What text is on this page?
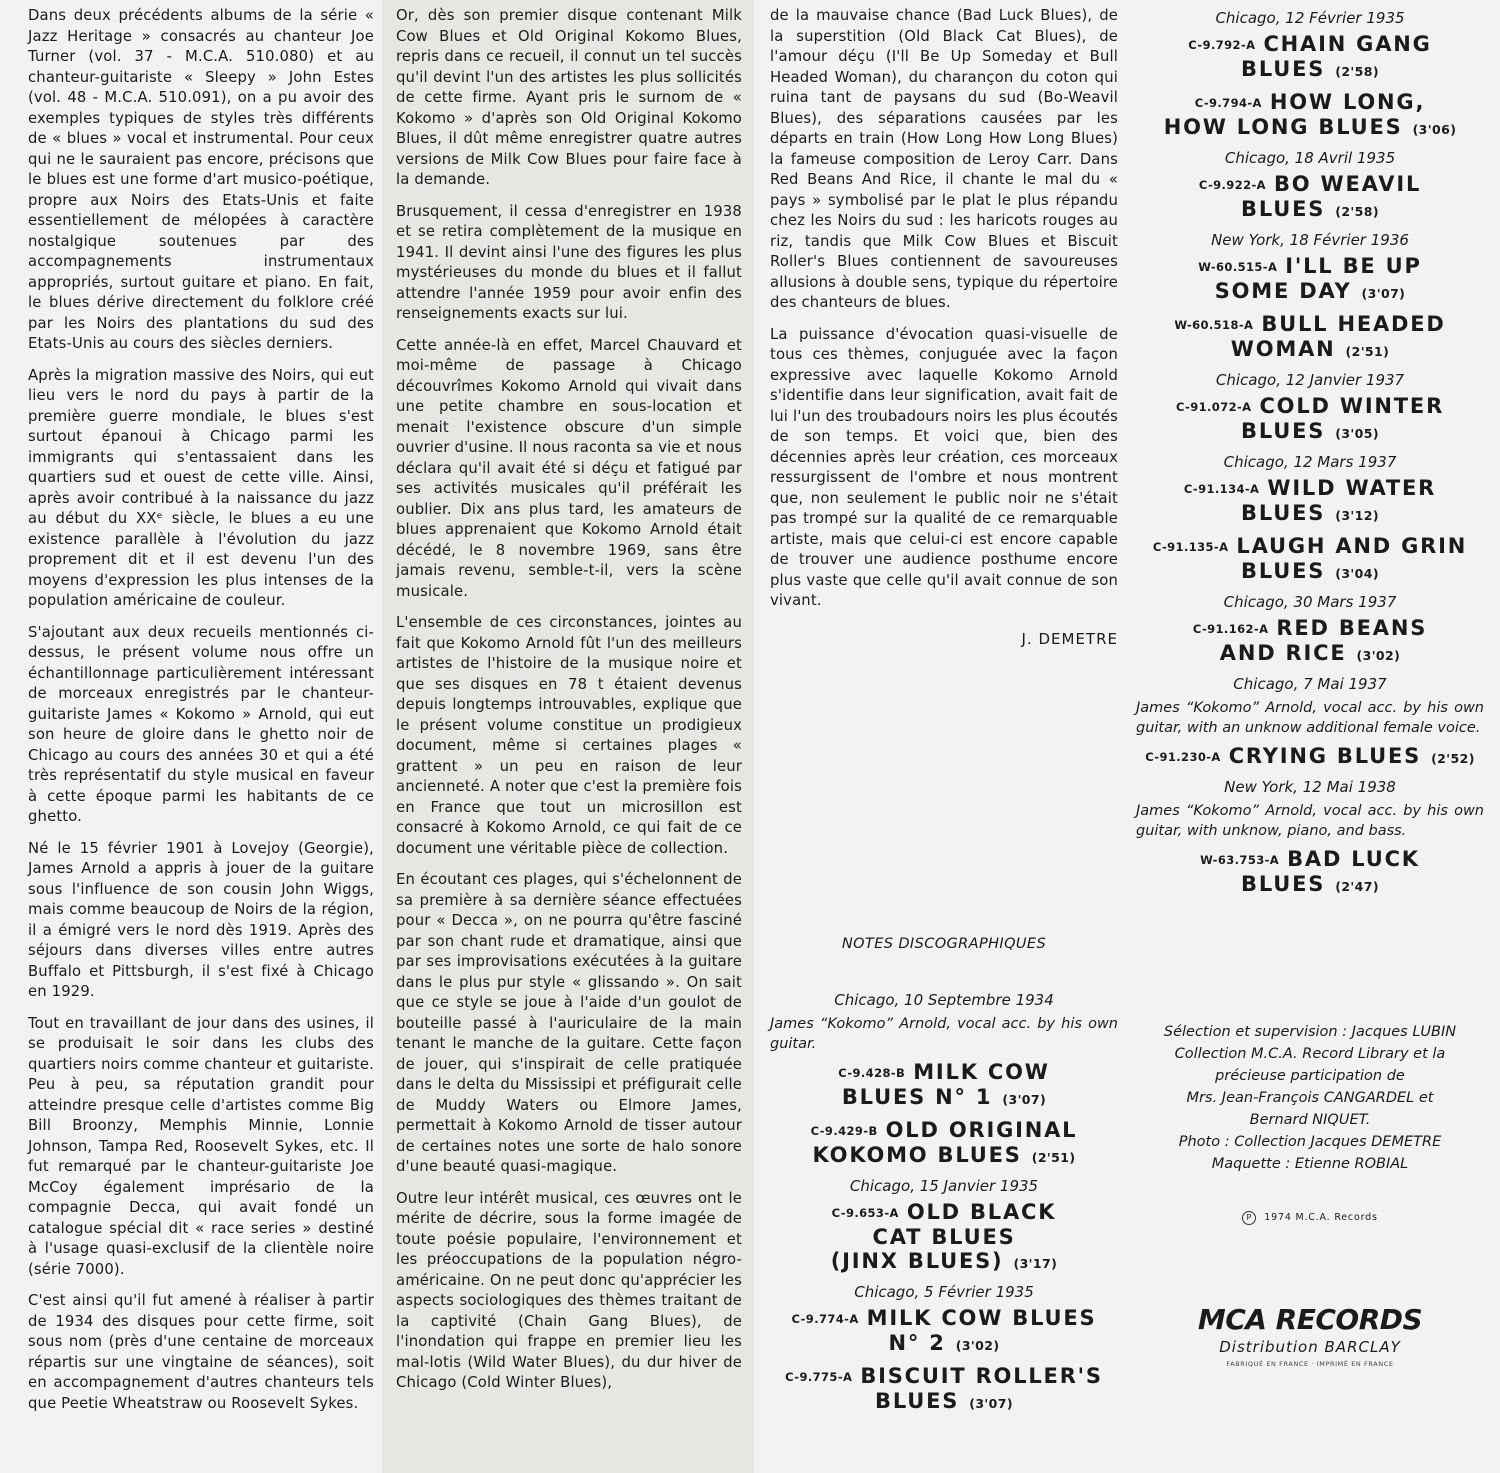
Dans deux précédents albums de la série « Jazz Heritage » consacrés au chanteur Joe Turner (vol. 37 - M.C.A. 510.080) et au chanteur-guitariste « Sleepy » John Estes (vol. 48 - M.C.A. 510.091), on a pu avoir des exemples typiques de styles très différents de « blues » vocal et instrumental. Pour ceux qui ne le sauraient pas encore, précisons que le blues est une forme d'art musico-poétique, propre aux Noirs des Etats-Unis et faite essentiellement de mélopées à caractère nostalgique soutenues par des accompagnements instrumentaux appropriés, surtout guitare et piano. En fait, le blues dérive directement du folklore créé par les Noirs des plantations du sud des Etats-Unis au cours des siècles derniers.

Après la migration massive des Noirs, qui eut lieu vers le nord du pays à partir de la première guerre mondiale, le blues s'est surtout épanoui à Chicago parmi les immigrants qui s'entassaient dans les quartiers sud et ouest de cette ville. Ainsi, après avoir contribué à la naissance du jazz au début du XXᵉ siècle, le blues a eu une existence parallèle à l'évolution du jazz proprement dit et il est devenu l'un des moyens d'expression les plus intenses de la population américaine de couleur.

S'ajoutant aux deux recueils mentionnés ci-dessus, le présent volume nous offre un échantillonnage particulièrement intéressant de morceaux enregistrés par le chanteur-guitariste James « Kokomo » Arnold, qui eut son heure de gloire dans le ghetto noir de Chicago au cours des années 30 et qui a été très représentatif du style musical en faveur à cette époque parmi les habitants de ce ghetto.

Né le 15 février 1901 à Lovejoy (Georgie), James Arnold a appris à jouer de la guitare sous l'influence de son cousin John Wiggs, mais comme beaucoup de Noirs de la région, il a émigré vers le nord dès 1919. Après des séjours dans diverses villes entre autres Buffalo et Pittsburgh, il s'est fixé à Chicago en 1929.

Tout en travaillant de jour dans des usines, il se produisait le soir dans les clubs des quartiers noirs comme chanteur et guitariste. Peu à peu, sa réputation grandit pour atteindre presque celle d'artistes comme Big Bill Broonzy, Memphis Minnie, Lonnie Johnson, Tampa Red, Roosevelt Sykes, etc. Il fut remarqué par le chanteur-guitariste Joe McCoy également imprésario de la compagnie Decca, qui avait fondé un catalogue spécial dit « race series » destiné à l'usage quasi-exclusif de la clientèle noire (série 7000).

C'est ainsi qu'il fut amené à réaliser à partir de 1934 des disques pour cette firme, soit sous nom (près d'une centaine de morceaux répartis sur une vingtaine de séances), soit en accompagnement d'autres chanteurs tels que Peetie Wheatstraw ou Roosevelt Sykes.

Or, dès son premier disque contenant Milk Cow Blues et Old Original Kokomo Blues, repris dans ce recueil, il connut un tel succès qu'il devint l'un des artistes les plus sollicités de cette firme. Ayant pris le surnom de « Kokomo » d'après son Old Original Kokomo Blues, il dût même enregistrer quatre autres versions de Milk Cow Blues pour faire face à la demande.

Brusquement, il cessa d'enregistrer en 1938 et se retira complètement de la musique en 1941. Il devint ainsi l'une des figures les plus mystérieuses du monde du blues et il fallut attendre l'année 1959 pour avoir enfin des renseignements exacts sur lui.

Cette année-là en effet, Marcel Chauvard et moi-même de passage à Chicago découvrîmes Kokomo Arnold qui vivait dans une petite chambre en sous-location et menait l'existence obscure d'un simple ouvrier d'usine. Il nous raconta sa vie et nous déclara qu'il avait été si déçu et fatigué par ses activités musicales qu'il préférait les oublier. Dix ans plus tard, les amateurs de blues apprenaient que Kokomo Arnold était décédé, le 8 novembre 1969, sans être jamais revenu, semble-t-il, vers la scène musicale.

L'ensemble de ces circonstances, jointes au fait que Kokomo Arnold fût l'un des meilleurs artistes de l'histoire de la musique noire et que ses disques en 78 t étaient devenus depuis longtemps introuvables, explique que le présent volume constitue un prodigieux document, même si certaines plages « grattent » un peu en raison de leur ancienneté. A noter que c'est la première fois en France que tout un microsillon est consacré à Kokomo Arnold, ce qui fait de ce document une véritable pièce de collection.

En écoutant ces plages, qui s'échelonnent de sa première à sa dernière séance effectuées pour « Decca », on ne pourra qu'être fasciné par son chant rude et dramatique, ainsi que par ses improvisations exécutées à la guitare dans le plus pur style « glissando ». On sait que ce style se joue à l'aide d'un goulot de bouteille passé à l'auriculaire de la main tenant le manche de la guitare. Cette façon de jouer, qui s'inspirait de celle pratiquée dans le delta du Mississipi et préfigurait celle de Muddy Waters ou Elmore James, permettait à Kokomo Arnold de tisser autour de certaines notes une sorte de halo sonore d'une beauté quasi-magique.

Outre leur intérêt musical, ces œuvres ont le mérite de décrire, sous la forme imagée de toute poésie populaire, l'environnement et les préoccupations de la population négro-américaine. On ne peut donc qu'apprécier les aspects sociologiques des thèmes traitant de la captivité (Chain Gang Blues), de l'inondation qui frappe en premier lieu les mal-lotis (Wild Water Blues), du dur hiver de Chicago (Cold Winter Blues),

de la mauvaise chance (Bad Luck Blues), de la superstition (Old Black Cat Blues), de l'amour déçu (I'll Be Up Someday et Bull Headed Woman), du charançon du coton qui ruina tant de paysans du sud (Bo-Weavil Blues), des séparations causées par les départs en train (How Long How Long Blues) la fameuse composition de Leroy Carr. Dans Red Beans And Rice, il chante le mal du « pays » symbolisé par le plat le plus répandu chez les Noirs du sud : les haricots rouges au riz, tandis que Milk Cow Blues et Biscuit Roller's Blues contiennent de savoureuses allusions à double sens, typique du répertoire des chanteurs de blues.

La puissance d'évocation quasi-visuelle de tous ces thèmes, conjuguée avec la façon expressive avec laquelle Kokomo Arnold s'identifie dans leur signification, avait fait de lui l'un des troubadours noirs les plus écoutés de son temps. Et voici que, bien des décennies après leur création, ces morceaux ressurgissent de l'ombre et nous montrent que, non seulement le public noir ne s'était pas trompé sur la qualité de ce remarquable artiste, mais que celui-ci est encore capable de trouver une audience posthume encore plus vaste que celle qu'il avait connue de son vivant.

J. DEMETRE
NOTES DISCOGRAPHIQUES
Chicago, 10 Septembre 1934
James “Kokomo” Arnold, vocal acc. by his own guitar.
C-9.428-B MILK COW
BLUES N° 1 (3'07)
C-9.429-B OLD ORIGINAL
KOKOMO BLUES (2'51)
Chicago, 15 Janvier 1935
C-9.653-A OLD BLACK
CAT BLUES
(JINX BLUES) (3'17)
Chicago, 5 Février 1935
C-9.774-A MILK COW BLUES
N° 2 (3'02)
C-9.775-A BISCUIT ROLLER'S
BLUES (3'07)
Chicago, 12 Février 1935
C-9.792-A CHAIN GANG
BLUES (2'58)
C-9.794-A HOW LONG,
HOW LONG BLUES (3'06)
Chicago, 18 Avril 1935
C-9.922-A BO WEAVIL
BLUES (2'58)
New York, 18 Février 1936
W-60.515-A I'LL BE UP
SOME DAY (3'07)
W-60.518-A BULL HEADED
WOMAN (2'51)
Chicago, 12 Janvier 1937
C-91.072-A COLD WINTER
BLUES (3'05)
Chicago, 12 Mars 1937
C-91.134-A WILD WATER
BLUES (3'12)
C-91.135-A LAUGH AND GRIN
BLUES (3'04)
Chicago, 30 Mars 1937
C-91.162-A RED BEANS
AND RICE (3'02)
Chicago, 7 Mai 1937
James “Kokomo” Arnold, vocal acc. by his own guitar, with an unknow additional female voice.
C-91.230-A CRYING BLUES (2'52)
New York, 12 Mai 1938
James “Kokomo” Arnold, vocal acc. by his own guitar, with unknow, piano, and bass.
W-63.753-A BAD LUCK
BLUES (2'47)
Sélection et supervision : Jacques LUBIN
Collection M.C.A. Record Library et la
précieuse participation de
Mrs. Jean-François CANGARDEL et
Bernard NIQUET.
Photo : Collection Jacques DEMETRE
Maquette : Etienne ROBIAL
P 1974 M.C.A. Records
MCA RECORDS
Distribution BARCLAY
FABRIQUÉ EN FRANCE · IMPRIMÉ EN FRANCE
